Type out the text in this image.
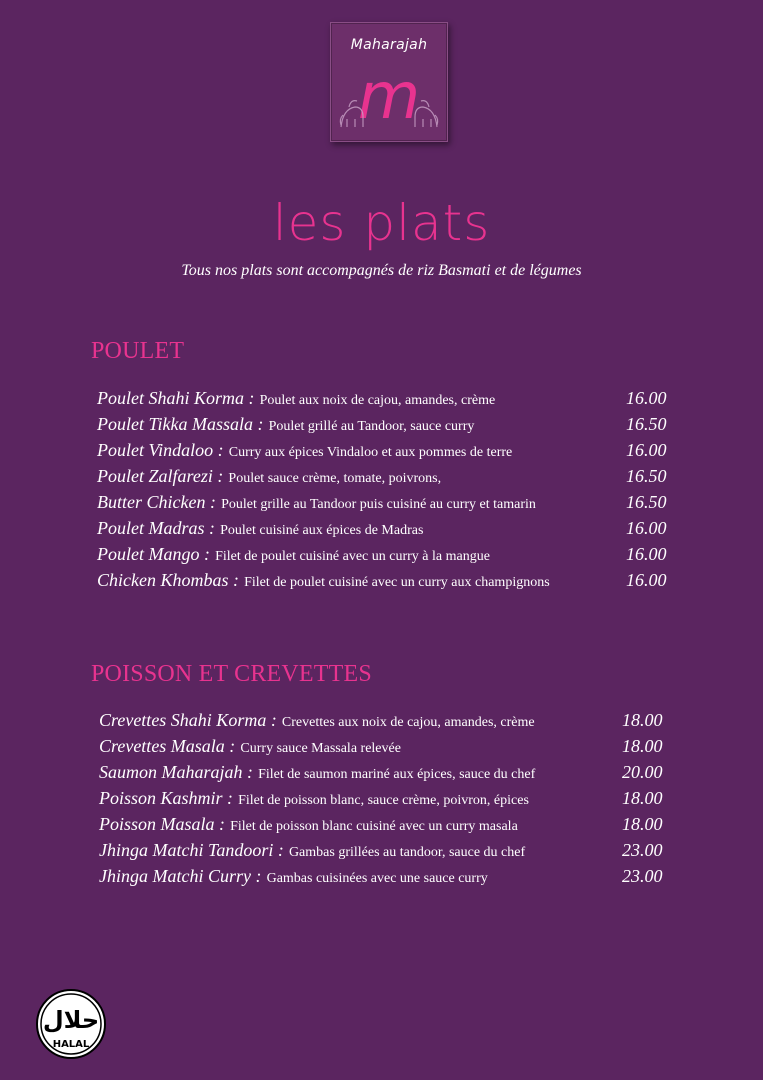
Maharajah
m
les plats
Tous nos plats sont accompagnés de riz Basmati et de légumes
POULET
Poulet Shahi Korma : Poulet aux noix de cajou, amandes, crème	16.00
Poulet Tikka Massala : Poulet grillé au Tandoor, sauce curry	16.50
Poulet Vindaloo : Curry aux épices Vindaloo et aux pommes de terre	16.00
Poulet Zalfarezi : Poulet sauce crème, tomate, poivrons,	16.50
Butter Chicken : Poulet grille au Tandoor puis cuisiné au curry et tamarin	16.50
Poulet Madras : Poulet cuisiné aux épices de Madras	16.00
Poulet Mango : Filet de poulet cuisiné avec un curry à la mangue	16.00
Chicken Khombas : Filet de poulet cuisiné avec un curry aux champignons	16.00
POISSON ET CREVETTES
Crevettes Shahi Korma : Crevettes aux noix de cajou, amandes, crème	18.00
Crevettes Masala : Curry sauce Massala relevée	18.00
Saumon Maharajah : Filet de saumon mariné aux épices, sauce du chef	20.00
Poisson Kashmir : Filet de poisson blanc, sauce crème, poivron, épices	18.00
Poisson Masala : Filet de poisson blanc cuisiné avec un curry masala	18.00
Jhinga Matchi Tandoori : Gambas grillées au tandoor, sauce du chef	23.00
Jhinga Matchi Curry : Gambas cuisinées avec une sauce curry	23.00
حلال
HALAL
